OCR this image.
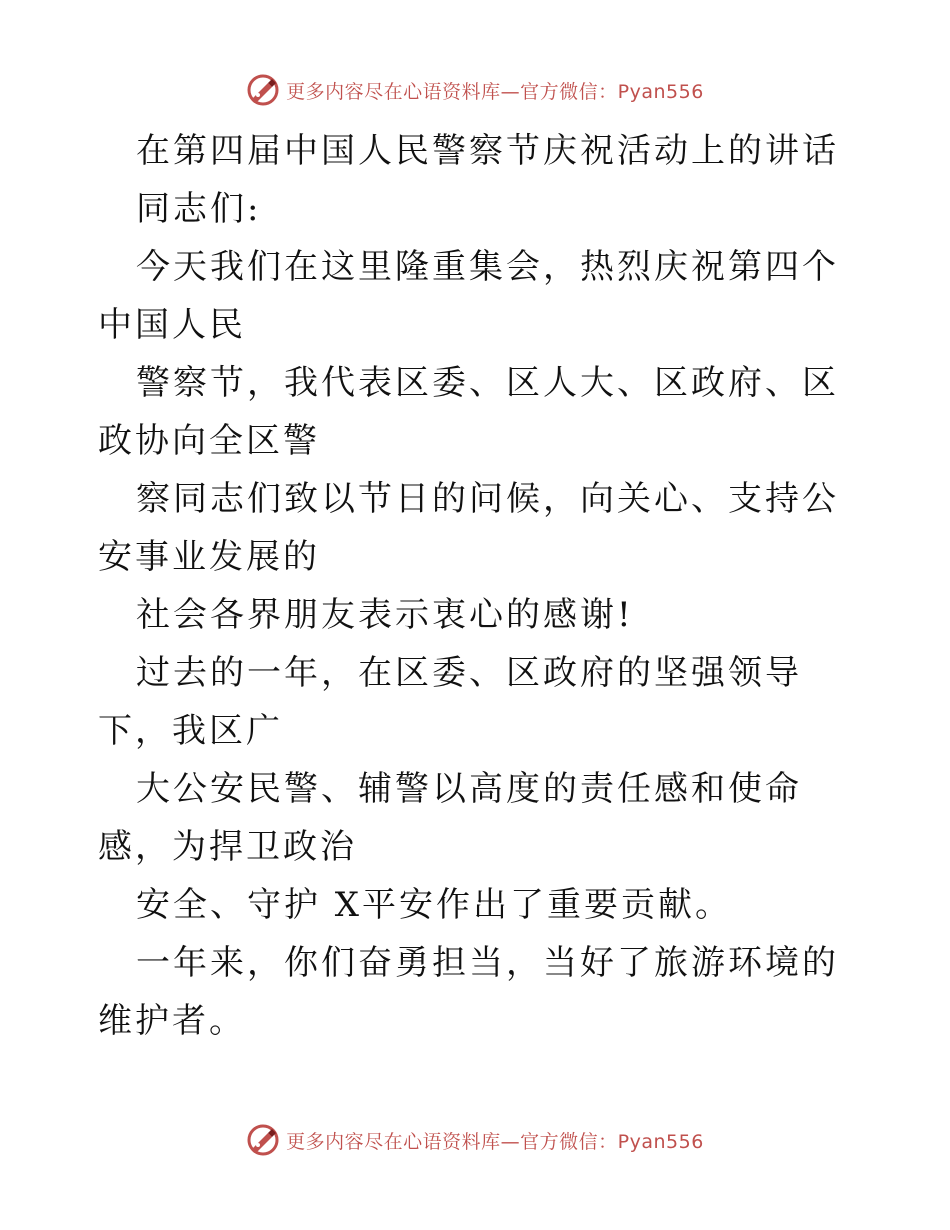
更多内容尽在心语资料库—官方微信：Pyan556

在第四届中国人民警察节庆祝活动上的讲话

同志们:

今天我们在这里隆重集会，热烈庆祝第四个中国人民

警察节，我代表区委、区人大、区政府、区政协向全区警

察同志们致以节日的问候，向关心、支持公安事业发展的

社会各界朋友表示衷心的感谢!

过去的一年，在区委、区政府的坚强领导下，我区广

大公安民警、辅警以高度的责任感和使命感，为捍卫政治

安全、守护 X平安作出了重要贡献。

一年来，你们奋勇担当，当好了旅游环境的维护者。

更多内容尽在心语资料库—官方微信：Pyan556
